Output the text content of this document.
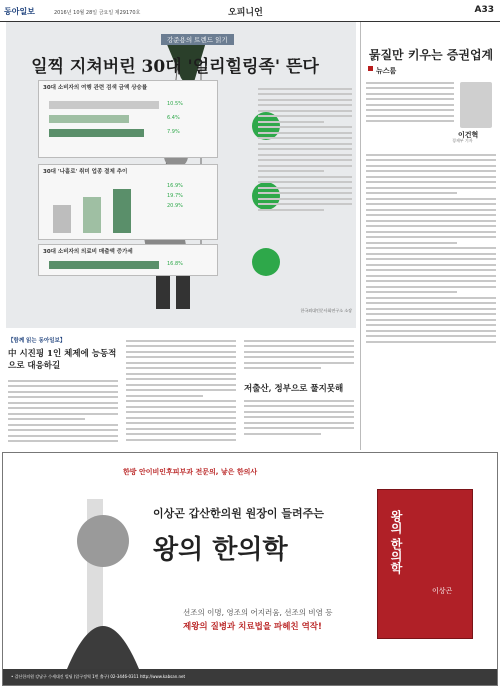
동아일보	2016년 10월 28일 금요일 제29170호	오피니언	A33
강준용의 트렌드 읽기
일찍 지쳐버린 30대 '얼리힐링족' 뜬다
30대 소비자의 여행 관련 검색 금액 상승률
10.5%
6.4%
7.9%
30대 '나홀로' 취미 업종 결제 추이
16.9%
19.7%
20.9%
30대 소비자의 의료비 매출액 증가세
16.8%
한국외대인문사회연구소 소장
【함께 읽는 동아일보】
中 시진핑 1인 체제에 능동적으로 대응하길
저출산, 정부으로 풀지못해
묽질만 키우는 증권업계
뉴스룸
이건혁
경제부 기자
한방 안이비인후피부과 전문의, 낳은 한의사
이상곤 갑산한의원 원장이 들려주는
왕의 한의학
선조의 이명, 영조의 어지러움, 선조의 비염 등
제왕의 질병과 치료법을 파헤친 역작!
왕의 한의학
이상곤
• 갑산한의원 강남구 수세대건 빌딩 (압구정역 1번 출구) 02-3446-0311 http://www.kabsan.net
